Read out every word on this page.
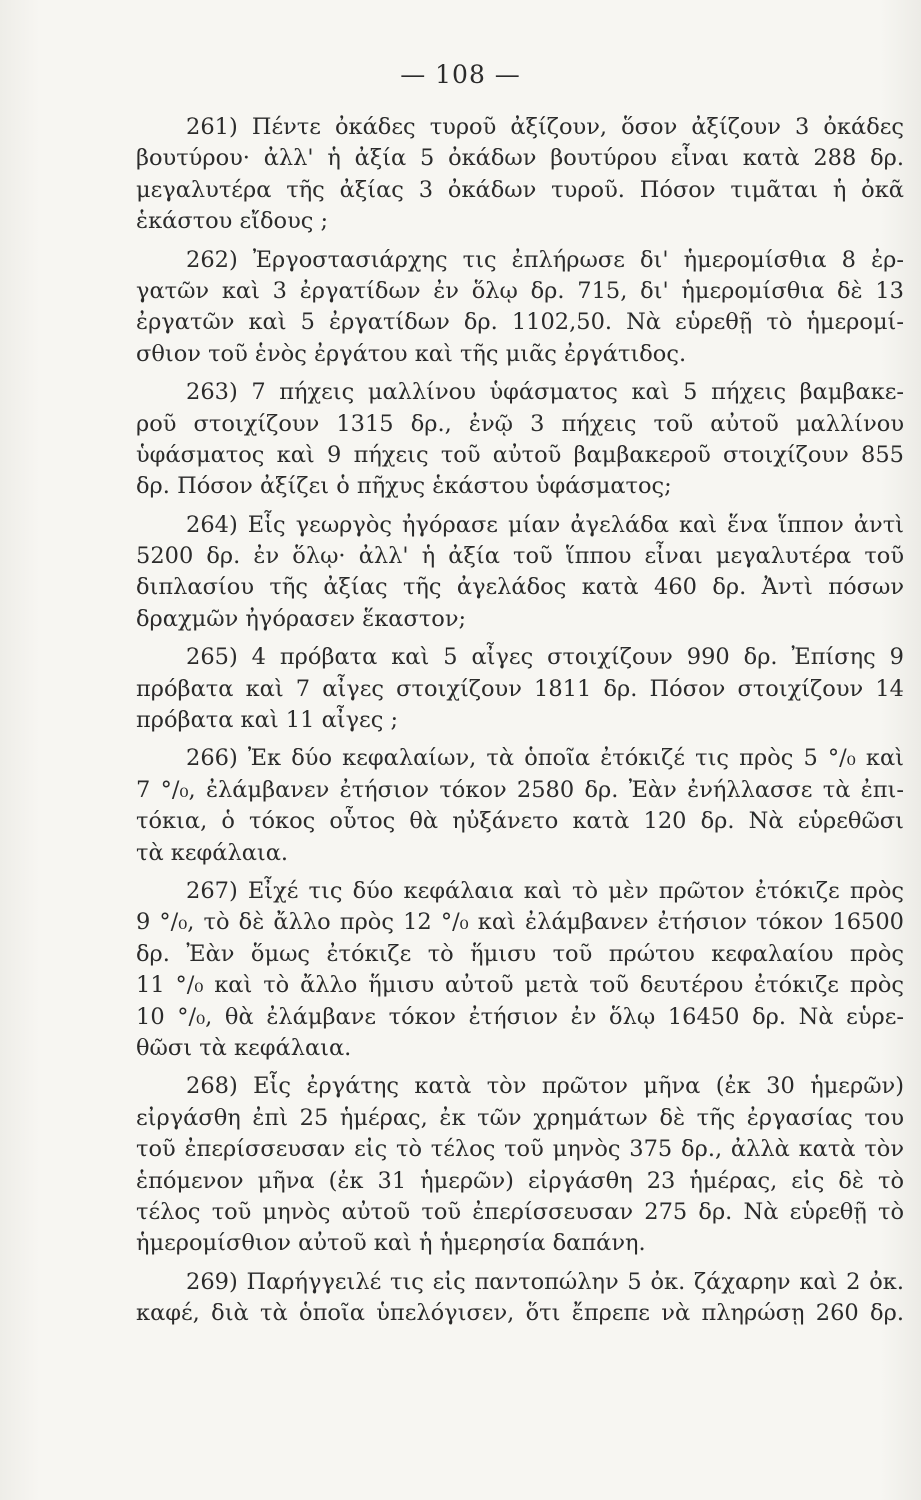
— 108 —
261) Πέντε ὀκάδες τυροῦ ἀξίζουν, ὅσον ἀξίζουν 3 ὀκάδες
βουτύρου· ἀλλ' ἡ ἀξία 5 ὀκάδων βουτύρου εἶναι κατὰ 288 δρ.
μεγαλυτέρα τῆς ἀξίας 3 ὀκάδων τυροῦ. Πόσον τιμᾶται ἡ ὀκᾶ
ἑκάστου εἴδους ;
262) Ἐργοστασιάρχης τις ἐπλήρωσε δι' ἡμερομίσθια 8 ἐρ-
γατῶν καὶ 3 ἐργατίδων ἐν ὅλῳ δρ. 715, δι' ἡμερομίσθια δὲ 13
ἐργατῶν καὶ 5 ἐργατίδων δρ. 1102,50. Νὰ εὑρεθῇ τὸ ἡμερομί-
σθιον τοῦ ἑνὸς ἐργάτου καὶ τῆς μιᾶς ἐργάτιδος.
263) 7 πήχεις μαλλίνου ὑφάσματος καὶ 5 πήχεις βαμβακε-
ροῦ στοιχίζουν 1315 δρ., ἐνῷ 3 πήχεις τοῦ αὐτοῦ μαλλίνου
ὑφάσματος καὶ 9 πήχεις τοῦ αὐτοῦ βαμβακεροῦ στοιχίζουν 855
δρ. Πόσον ἀξίζει ὁ πῆχυς ἑκάστου ὑφάσματος;
264) Εἷς γεωργὸς ἠγόρασε μίαν ἀγελάδα καὶ ἕνα ἵππον ἀντὶ
5200 δρ. ἐν ὅλῳ· ἀλλ' ἡ ἀξία τοῦ ἵππου εἶναι μεγαλυτέρα τοῦ
διπλασίου τῆς ἀξίας τῆς ἀγελάδος κατὰ 460 δρ. Ἀντὶ πόσων
δραχμῶν ἠγόρασεν ἕκαστον;
265) 4 πρόβατα καὶ 5 αἶγες στοιχίζουν 990 δρ. Ἐπίσης 9
πρόβατα καὶ 7 αἶγες στοιχίζουν 1811 δρ. Πόσον στοιχίζουν 14
πρόβατα καὶ 11 αἶγες ;
266) Ἐκ δύο κεφαλαίων, τὰ ὁποῖα ἐτόκιζέ τις πρὸς 5 °/₀ καὶ
7 °/₀, ἐλάμβανεν ἐτήσιον τόκον 2580 δρ. Ἐὰν ἐνήλλασσε τὰ ἐπι-
τόκια, ὁ τόκος οὗτος θὰ ηὐξάνετο κατὰ 120 δρ. Νὰ εὑρεθῶσι
τὰ κεφάλαια.
267) Εἶχέ τις δύο κεφάλαια καὶ τὸ μὲν πρῶτον ἐτόκιζε πρὸς
9 °/₀, τὸ δὲ ἄλλο πρὸς 12 °/₀ καὶ ἐλάμβανεν ἐτήσιον τόκον 16500
δρ. Ἐὰν ὅμως ἐτόκιζε τὸ ἥμισυ τοῦ πρώτου κεφαλαίου πρὸς
11 °/₀ καὶ τὸ ἄλλο ἥμισυ αὐτοῦ μετὰ τοῦ δευτέρου ἐτόκιζε πρὸς
10 °/₀, θὰ ἐλάμβανε τόκον ἐτήσιον ἐν ὅλῳ 16450 δρ. Νὰ εὑρε-
θῶσι τὰ κεφάλαια.
268) Εἷς ἐργάτης κατὰ τὸν πρῶτον μῆνα (ἐκ 30 ἡμερῶν)
εἰργάσθη ἐπὶ 25 ἡμέρας, ἐκ τῶν χρημάτων δὲ τῆς ἐργασίας του
τοῦ ἐπερίσσευσαν εἰς τὸ τέλος τοῦ μηνὸς 375 δρ., ἀλλὰ κατὰ τὸν
ἑπόμενον μῆνα (ἐκ 31 ἡμερῶν) εἰργάσθη 23 ἡμέρας, εἰς δὲ τὸ
τέλος τοῦ μηνὸς αὐτοῦ τοῦ ἐπερίσσευσαν 275 δρ. Νὰ εὑρεθῇ τὸ
ἡμερομίσθιον αὐτοῦ καὶ ἡ ἡμερησία δαπάνη.
269) Παρήγγειλέ τις εἰς παντοπώλην 5 ὀκ. ζάχαρην καὶ 2 ὀκ.
καφέ, διὰ τὰ ὁποῖα ὑπελόγισεν, ὅτι ἔπρεπε νὰ πληρώσῃ 260 δρ.
